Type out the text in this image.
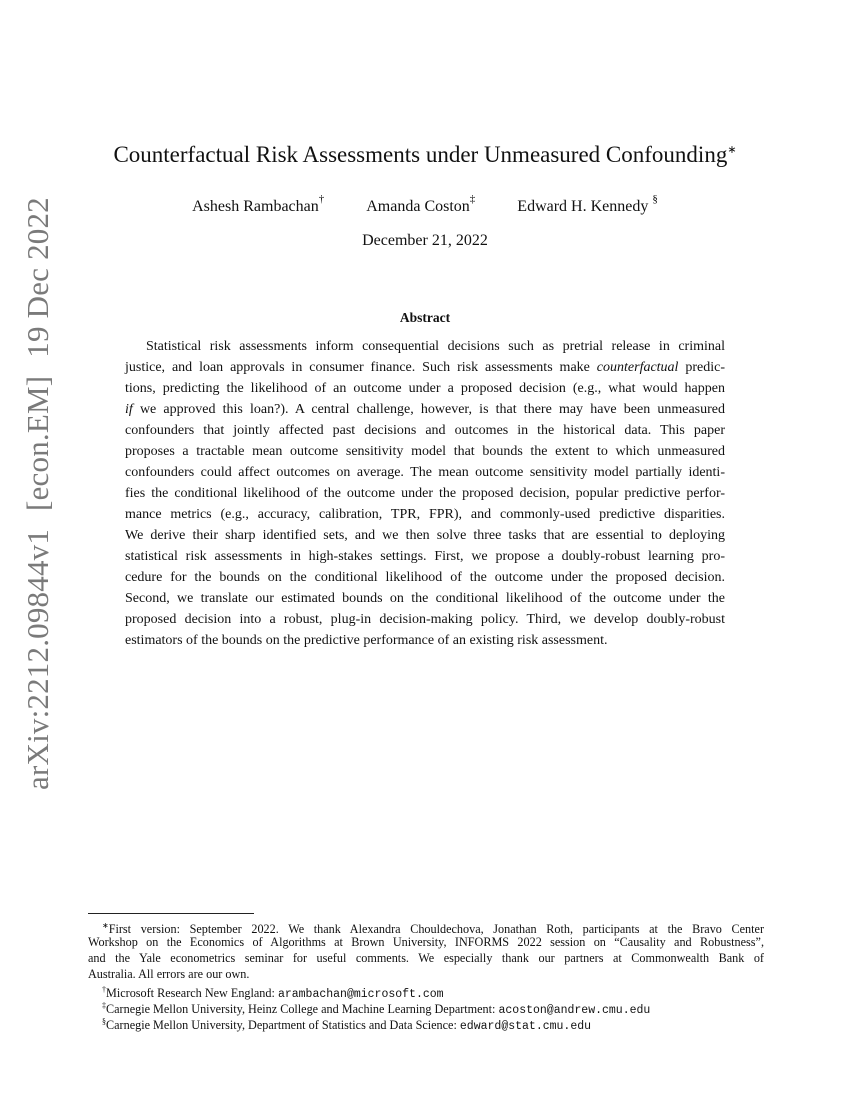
arXiv:2212.09844v1[econ.EM]19 Dec 2022
Counterfactual Risk Assessments under Unmeasured Confounding∗
Ashesh Rambachan†	Amanda Coston‡	Edward H. Kennedy §
December 21, 2022
Abstract
Statistical risk assessments inform consequential decisions such as pretrial release in criminal
justice, and loan approvals in consumer finance. Such risk assessments make counterfactual predic-
tions, predicting the likelihood of an outcome under a proposed decision (e.g., what would happen
if we approved this loan?). A central challenge, however, is that there may have been unmeasured
confounders that jointly affected past decisions and outcomes in the historical data. This paper
proposes a tractable mean outcome sensitivity model that bounds the extent to which unmeasured
confounders could affect outcomes on average. The mean outcome sensitivity model partially identi-
fies the conditional likelihood of the outcome under the proposed decision, popular predictive perfor-
mance metrics (e.g., accuracy, calibration, TPR, FPR), and commonly-used predictive disparities.
We derive their sharp identified sets, and we then solve three tasks that are essential to deploying
statistical risk assessments in high-stakes settings. First, we propose a doubly-robust learning pro-
cedure for the bounds on the conditional likelihood of the outcome under the proposed decision.
Second, we translate our estimated bounds on the conditional likelihood of the outcome under the
proposed decision into a robust, plug-in decision-making policy. Third, we develop doubly-robust
estimators of the bounds on the predictive performance of an existing risk assessment.
∗First version: September 2022. We thank Alexandra Chouldechova, Jonathan Roth, participants at the Bravo Center
Workshop on the Economics of Algorithms at Brown University, INFORMS 2022 session on “Causality and Robustness”,
and the Yale econometrics seminar for useful comments. We especially thank our partners at Commonwealth Bank of
Australia. All errors are our own.
†Microsoft Research New England: arambachan@microsoft.com
‡Carnegie Mellon University, Heinz College and Machine Learning Department: acoston@andrew.cmu.edu
§Carnegie Mellon University, Department of Statistics and Data Science: edward@stat.cmu.edu
